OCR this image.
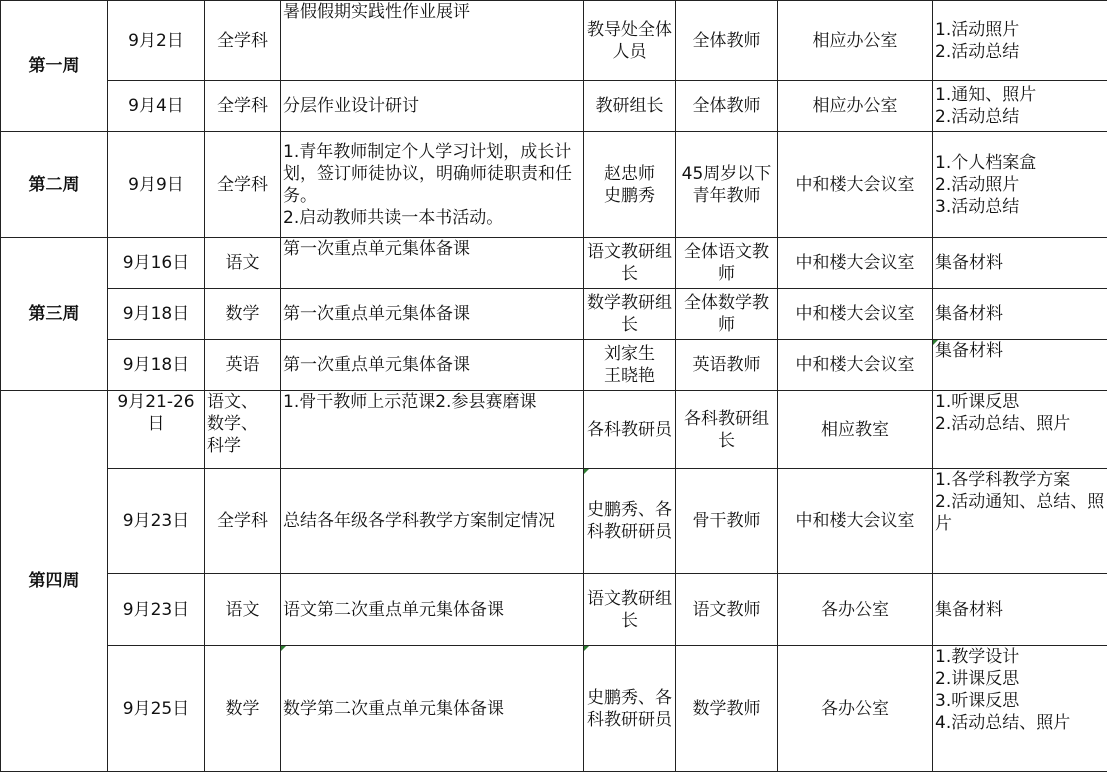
第一周	9月2日	全学科	暑假假期实践性作业展评	教导处全体人员	全体教师	相应办公室	1.活动照片
2.活动总结

	9月4日	全学科	分层作业设计研讨	教研组长	全体教师	相应办公室	1.通知、照片
2.活动总结

第二周	9月9日	全学科	1.青年教师制定个人学习计划，成长计划，签订师徒协议，明确师徒职责和任务。
2.启动教师共读一本书活动。	赵忠师
史鹏秀	45周岁以下青年教师	中和楼大会议室	1.个人档案盒
2.活动照片
3.活动总结

第三周	9月16日	语文	第一次重点单元集体备课	语文教研组长	全体语文教师	中和楼大会议室	集备材料
	9月18日	数学	第一次重点单元集体备课	数学教研组长	全体数学教师	中和楼大会议室	集备材料
	9月18日	英语	第一次重点单元集体备课	刘家生
王晓艳	英语教师	中和楼大会议室	集备材料
第四周	9月21-26日	语文、
数学、
科学	1.骨干教师上示范课2.参县赛磨课	各科教研员	各科教研组长	相应教室	1.听课反思
2.活动总结、照片

	9月23日	全学科	总结各年级各学科教学方案制定情况	史鹏秀、各科教研研员	骨干教师	中和楼大会议室	1.各学科教学方案
2.活动通知、总结、照片

	9月23日	语文	语文第二次重点单元集体备课	语文教研组长	语文教师	各办公室	集备材料
	9月25日	数学	数学第二次重点单元集体备课	史鹏秀、各科教研研员	数学教师	各办公室	1.教学设计
2.讲课反思
3.听课反思
4.活动总结、照片
